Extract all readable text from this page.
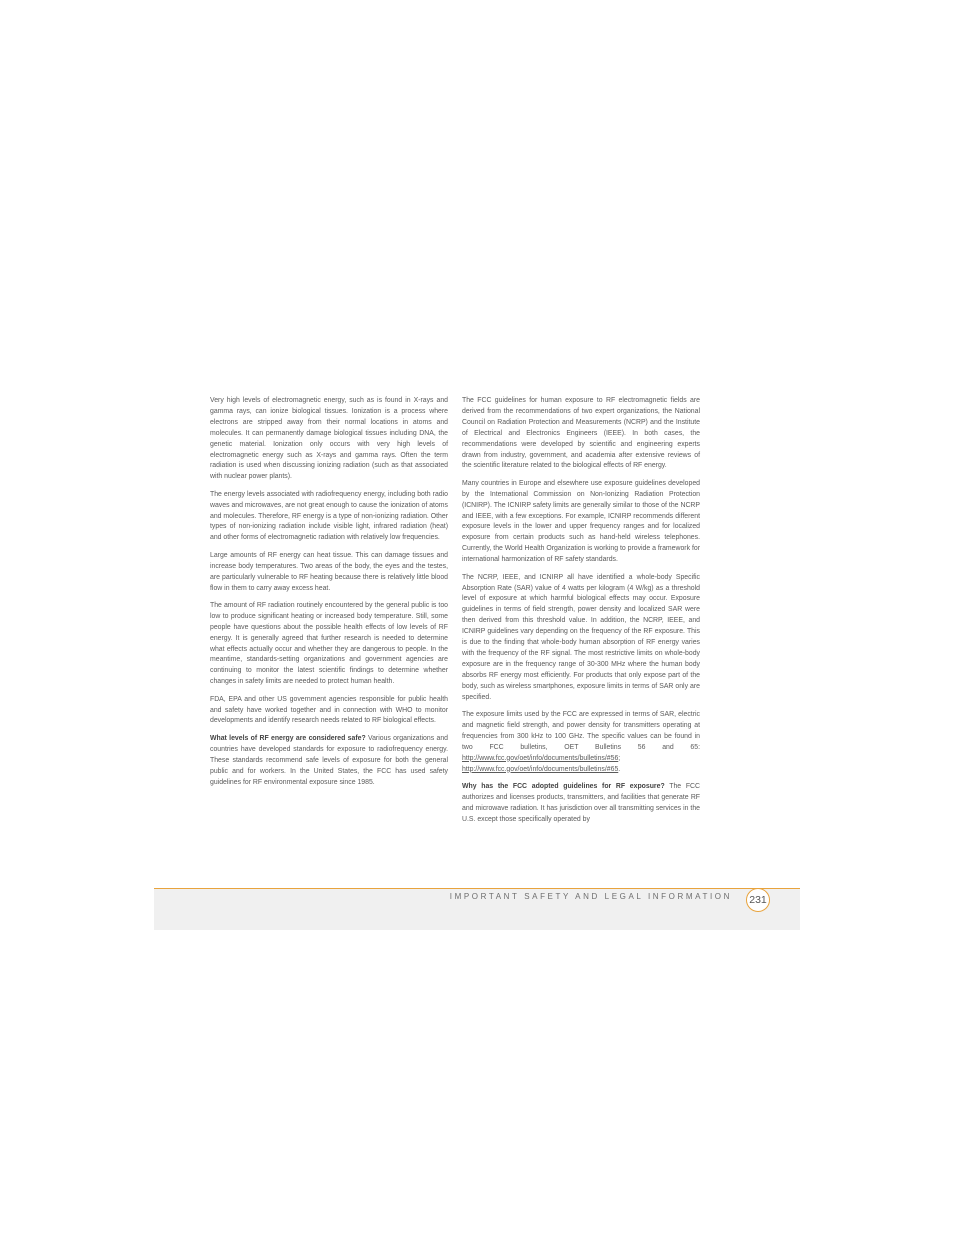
Very high levels of electromagnetic energy, such as is found in X-rays and gamma rays, can ionize biological tissues. Ionization is a process where electrons are stripped away from their normal locations in atoms and molecules. It can permanently damage biological tissues including DNA, the genetic material. Ionization only occurs with very high levels of electromagnetic energy such as X-rays and gamma rays. Often the term radiation is used when discussing ionizing radiation (such as that associated with nuclear power plants).

The energy levels associated with radiofrequency energy, including both radio waves and microwaves, are not great enough to cause the ionization of atoms and molecules. Therefore, RF energy is a type of non-ionizing radiation. Other types of non-ionizing radiation include visible light, infrared radiation (heat) and other forms of electromagnetic radiation with relatively low frequencies.

Large amounts of RF energy can heat tissue. This can damage tissues and increase body temperatures. Two areas of the body, the eyes and the testes, are particularly vulnerable to RF heating because there is relatively little blood flow in them to carry away excess heat.

The amount of RF radiation routinely encountered by the general public is too low to produce significant heating or increased body temperature. Still, some people have questions about the possible health effects of low levels of RF energy. It is generally agreed that further research is needed to determine what effects actually occur and whether they are dangerous to people. In the meantime, standards-setting organizations and government agencies are continuing to monitor the latest scientific findings to determine whether changes in safety limits are needed to protect human health.

FDA, EPA and other US government agencies responsible for public health and safety have worked together and in connection with WHO to monitor developments and identify research needs related to RF biological effects.

What levels of RF energy are considered safe? Various organizations and countries have developed standards for exposure to radiofrequency energy. These standards recommend safe levels of exposure for both the general public and for workers. In the United States, the FCC has used safety guidelines for RF environmental exposure since 1985.

The FCC guidelines for human exposure to RF electromagnetic fields are derived from the recommendations of two expert organizations, the National Council on Radiation Protection and Measurements (NCRP) and the Institute of Electrical and Electronics Engineers (IEEE). In both cases, the recommendations were developed by scientific and engineering experts drawn from industry, government, and academia after extensive reviews of the scientific literature related to the biological effects of RF energy.

Many countries in Europe and elsewhere use exposure guidelines developed by the International Commission on Non-Ionizing Radiation Protection (ICNIRP). The ICNIRP safety limits are generally similar to those of the NCRP and IEEE, with a few exceptions. For example, ICNIRP recommends different exposure levels in the lower and upper frequency ranges and for localized exposure from certain products such as hand-held wireless telephones. Currently, the World Health Organization is working to provide a framework for international harmonization of RF safety standards.

The NCRP, IEEE, and ICNIRP all have identified a whole-body Specific Absorption Rate (SAR) value of 4 watts per kilogram (4 W/kg) as a threshold level of exposure at which harmful biological effects may occur. Exposure guidelines in terms of field strength, power density and localized SAR were then derived from this threshold value. In addition, the NCRP, IEEE, and ICNIRP guidelines vary depending on the frequency of the RF exposure. This is due to the finding that whole-body human absorption of RF energy varies with the frequency of the RF signal. The most restrictive limits on whole-body exposure are in the frequency range of 30-300 MHz where the human body absorbs RF energy most efficiently. For products that only expose part of the body, such as wireless smartphones, exposure limits in terms of SAR only are specified.

The exposure limits used by the FCC are expressed in terms of SAR, electric and magnetic field strength, and power density for transmitters operating at frequencies from 300 kHz to 100 GHz. The specific values can be found in two FCC bulletins, OET Bulletins 56 and 65: http://www.fcc.gov/oet/info/documents/bulletins/#56; http://www.fcc.gov/oet/info/documents/bulletins/#65.

Why has the FCC adopted guidelines for RF exposure? The FCC authorizes and licenses products, transmitters, and facilities that generate RF and microwave radiation. It has jurisdiction over all transmitting services in the U.S. except those specifically operated by

IMPORTANT SAFETY AND LEGAL INFORMATION	231
